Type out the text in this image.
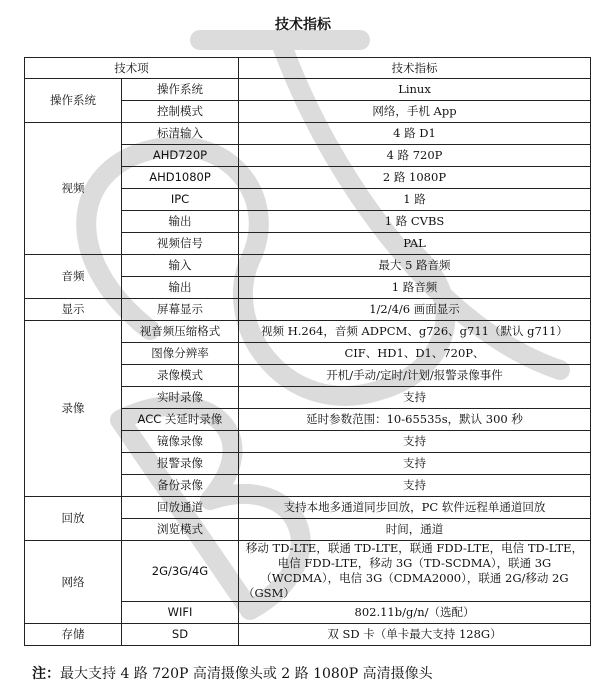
技术指标
技术项		技术指标
操作系统	操作系统	Linux
	控制模式	网络，手机 App
视频	标清输入	4 路 D1
	AHD720P	4 路 720P
	AHD1080P	2 路 1080P
	IPC	1 路
	输出	1 路 CVBS
	视频信号	PAL
音频	输入	最大 5 路音频
	输出	1 路音频
显示	屏幕显示	1/2/4/6 画面显示
录像	视音频压缩格式	视频 H.264，音频 ADPCM、g726、g711（默认 g711）
	图像分辨率	CIF、HD1、D1、720P、
	录像模式	开机/手动/定时/计划/报警录像事件
	实时录像	支持
	ACC 关延时录像	延时参数范围：10-65535s，默认 300 秒
	镜像录像	支持
	报警录像	支持
	备份录像	支持
回放	回放通道	支持本地多通道同步回放，PC 软件远程单通道回放
	浏览模式	时间，通道
网络	2G/3G/4G	移动 TD-LTE，联通 TD-LTE，联通 FDD-LTE，电信 TD-LTE，电信 FDD-LTE，移动 3G（TD-SCDMA），联通 3G（WCDMA），电信 3G（CDMA2000），联通 2G/移动 2G（GSM）
	WIFI	802.11b/g/n/（选配）
存储	SD	双 SD 卡（单卡最大支持 128G）
注：最大支持 4 路 720P 高清摄像头或 2 路 1080P 高清摄像头
